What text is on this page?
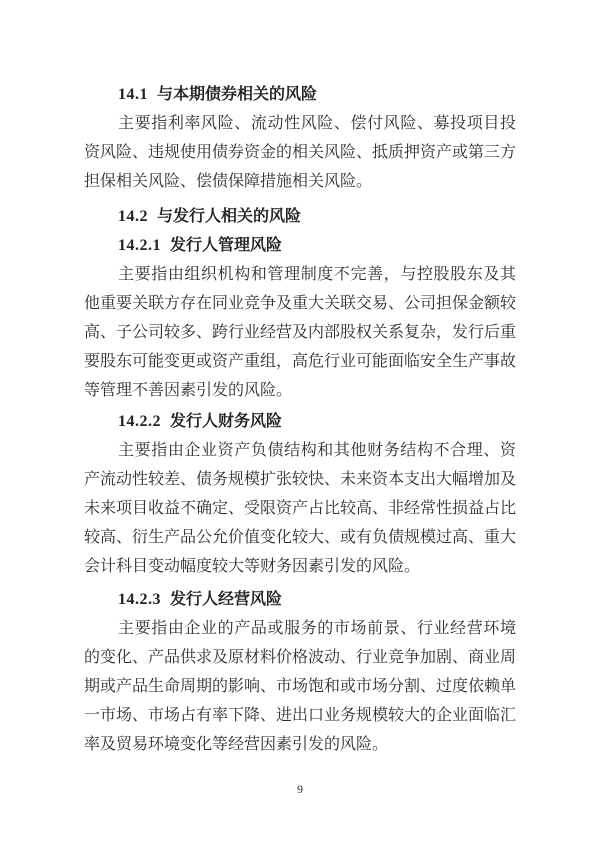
14.1 与本期债券相关的风险

主要指利率风险、流动性风险、偿付风险、募投项目投资风险、违规使用债券资金的相关风险、抵质押资产或第三方担保相关风险、偿债保障措施相关风险。

14.2 与发行人相关的风险
14.2.1 发行人管理风险

主要指由组织机构和管理制度不完善，与控股股东及其他重要关联方存在同业竞争及重大关联交易、公司担保金额较高、子公司较多、跨行业经营及内部股权关系复杂，发行后重要股东可能变更或资产重组，高危行业可能面临安全生产事故等管理不善因素引发的风险。

14.2.2 发行人财务风险

主要指由企业资产负债结构和其他财务结构不合理、资产流动性较差、债务规模扩张较快、未来资本支出大幅增加及未来项目收益不确定、受限资产占比较高、非经常性损益占比较高、衍生产品公允价值变化较大、或有负债规模过高、重大会计科目变动幅度较大等财务因素引发的风险。

14.2.3 发行人经营风险

主要指由企业的产品或服务的市场前景、行业经营环境的变化、产品供求及原材料价格波动、行业竞争加剧、商业周期或产品生命周期的影响、市场饱和或市场分割、过度依赖单一市场、市场占有率下降、进出口业务规模较大的企业面临汇率及贸易环境变化等经营因素引发的风险。

9
